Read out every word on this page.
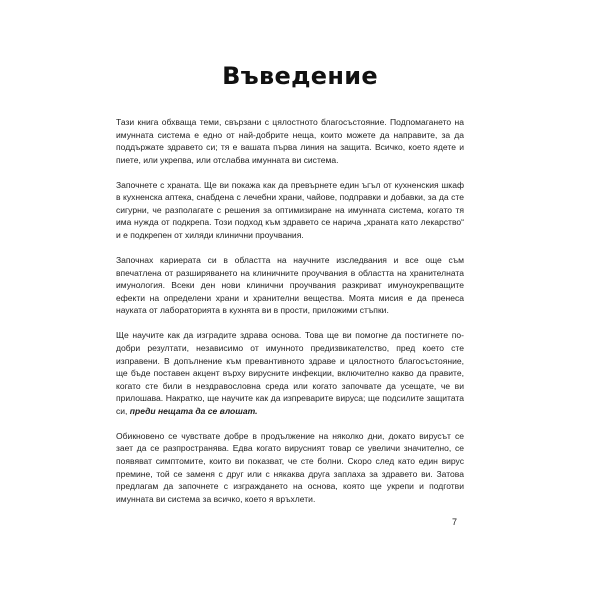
Въведение

Тази книга обхваща теми, свързани с цялостното благосъстояние. Подпомагането на имунната система е едно от най-добрите неща, които можете да направите, за да поддържате здравето си; тя е вашата първа линия на защита. Всичко, което ядете и пиете, или укрепва, или отслабва имунната ви система.

Започнете с храната. Ще ви покажа как да превърнете един ъгъл от кухненския шкаф в кухненска аптека, снабдена с лечебни храни, чайове, подправки и добавки, за да сте сигурни, че разполагате с решения за оптимизиране на имунната система, когато тя има нужда от подкрепа. Този подход към здравето се нарича „храната като лекарство“ и е подкрепен от хиляди клинични проучвания.

Започнах кариерата си в областта на научните изследвания и все още съм впечатлена от разширяването на клиничните проучвания в областта на хранителната имунология. Всеки ден нови клинични проучвания разкриват имуноукрепващите ефекти на определени храни и хранителни вещества. Моята мисия е да пренеса науката от лабораторията в кухнята ви в прости, приложими стъпки.

Ще научите как да изградите здрава основа. Това ще ви помогне да постигнете по-добри резултати, независимо от имунното предизвикателство, пред което сте изправени. В допълнение към превантивното здраве и цялостното благосъстояние, ще бъде поставен акцент върху вирусните инфекции, включително какво да правите, когато сте били в нездравословна среда или когато започвате да усещате, че ви прилошава. Накратко, ще научите как да изпреварите вируса; ще подсилите защитата си, преди нещата да се влошат.

Обикновено се чувствате добре в продължение на няколко дни, докато вирусът се зает да се разпространява. Едва когато вирусният товар се увеличи значително, се появяват симптомите, които ви показват, че сте болни. Скоро след като един вирус премине, той се заменя с друг или с някаква друга заплаха за здравето ви. Затова предлагам да започнете с изграждането на основа, която ще укрепи и подготви имунната ви система за всичко, което я връхлети.

7
